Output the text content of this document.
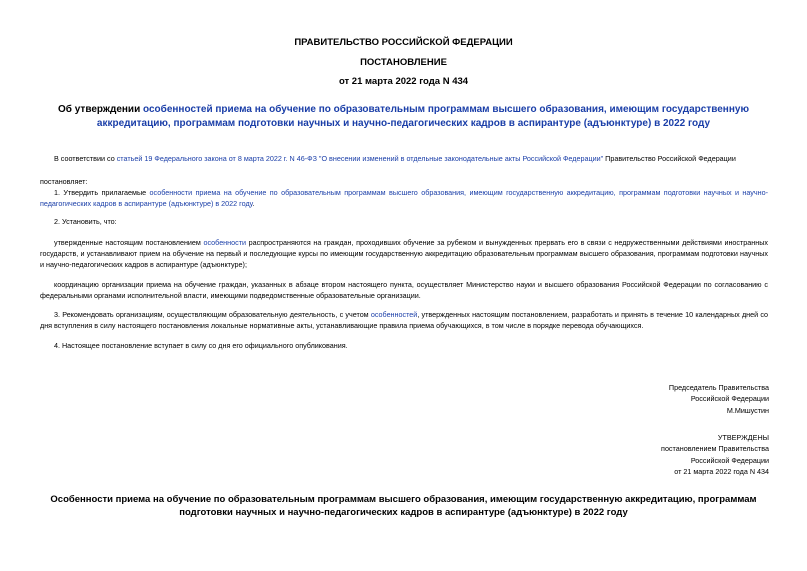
ПРАВИТЕЛЬСТВО РОССИЙСКОЙ ФЕДЕРАЦИИ
ПОСТАНОВЛЕНИЕ
от 21 марта 2022 года N 434
Об утверждении особенностей приема на обучение по образовательным программам высшего образования, имеющим государственную аккредитацию, программам подготовки научных и научно-педагогических кадров в аспирантуре (адъюнктуре) в 2022 году
В соответствии со статьей 19 Федерального закона от 8 марта 2022 г. N 46-ФЗ "О внесении изменений в отдельные законодательные акты Российской Федерации" Правительство Российской Федерации
постановляет:
1. Утвердить прилагаемые особенности приема на обучение по образовательным программам высшего образования, имеющим государственную аккредитацию, программам подготовки научных и научно-педагогических кадров в аспирантуре (адъюнктуре) в 2022 году.
2. Установить, что:
утвержденные настоящим постановлением особенности распространяются на граждан, проходивших обучение за рубежом и вынужденных прервать его в связи с недружественными действиями иностранных государств, и устанавливают прием на обучение на первый и последующие курсы по имеющим государственную аккредитацию образовательным программам высшего образования, программам подготовки научных и научно-педагогических кадров в аспирантуре (адъюнктуре);
координацию организации приема на обучение граждан, указанных в абзаце втором настоящего пункта, осуществляет Министерство науки и высшего образования Российской Федерации по согласованию с федеральными органами исполнительной власти, имеющими подведомственные образовательные организации.
3. Рекомендовать организациям, осуществляющим образовательную деятельность, с учетом особенностей, утвержденных настоящим постановлением, разработать и принять в течение 10 календарных дней со дня вступления в силу настоящего постановления локальные нормативные акты, устанавливающие правила приема обучающихся, в том числе в порядке перевода обучающихся.
4. Настоящее постановление вступает в силу со дня его официального опубликования.
Председатель Правительства
Российской Федерации
М.Мишустин
УТВЕРЖДЕНЫ
постановлением Правительства
Российской Федерации
от 21 марта 2022 года N 434
Особенности приема на обучение по образовательным программам высшего образования, имеющим государственную аккредитацию, программам подготовки научных и научно-педагогических кадров в аспирантуре (адъюнктуре) в 2022 году
